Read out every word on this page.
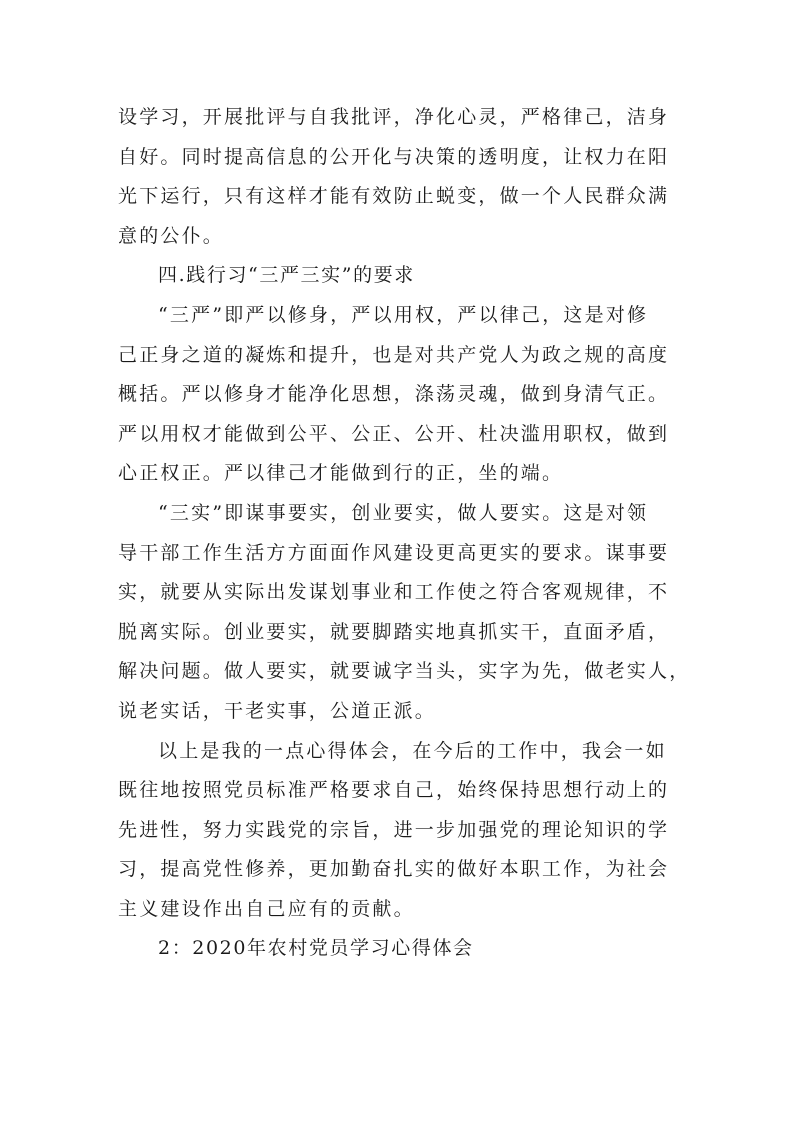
设学习，开展批评与自我批评，净化心灵，严格律己，洁身
自好。同时提高信息的公开化与决策的透明度，让权力在阳
光下运行，只有这样才能有效防止蜕变，做一个人民群众满
意的公仆。
四.践行习“三严三实”的要求
“三严”即严以修身，严以用权，严以律己，这是对修
己正身之道的凝炼和提升，也是对共产党人为政之规的高度
概括。严以修身才能净化思想，涤荡灵魂，做到身清气正。
严以用权才能做到公平、公正、公开、杜决滥用职权，做到
心正权正。严以律己才能做到行的正，坐的端。
“三实”即谋事要实，创业要实，做人要实。这是对领
导干部工作生活方方面面作风建设更高更实的要求。谋事要
实，就要从实际出发谋划事业和工作使之符合客观规律，不
脱离实际。创业要实，就要脚踏实地真抓实干，直面矛盾，
解决问题。做人要实，就要诚字当头，实字为先，做老实人，
说老实话，干老实事，公道正派。
以上是我的一点心得体会，在今后的工作中，我会一如
既往地按照党员标准严格要求自己，始终保持思想行动上的
先进性，努力实践党的宗旨，进一步加强党的理论知识的学
习，提高党性修养，更加勤奋扎实的做好本职工作，为社会
主义建设作出自己应有的贡献。
2：2020年农村党员学习心得体会
